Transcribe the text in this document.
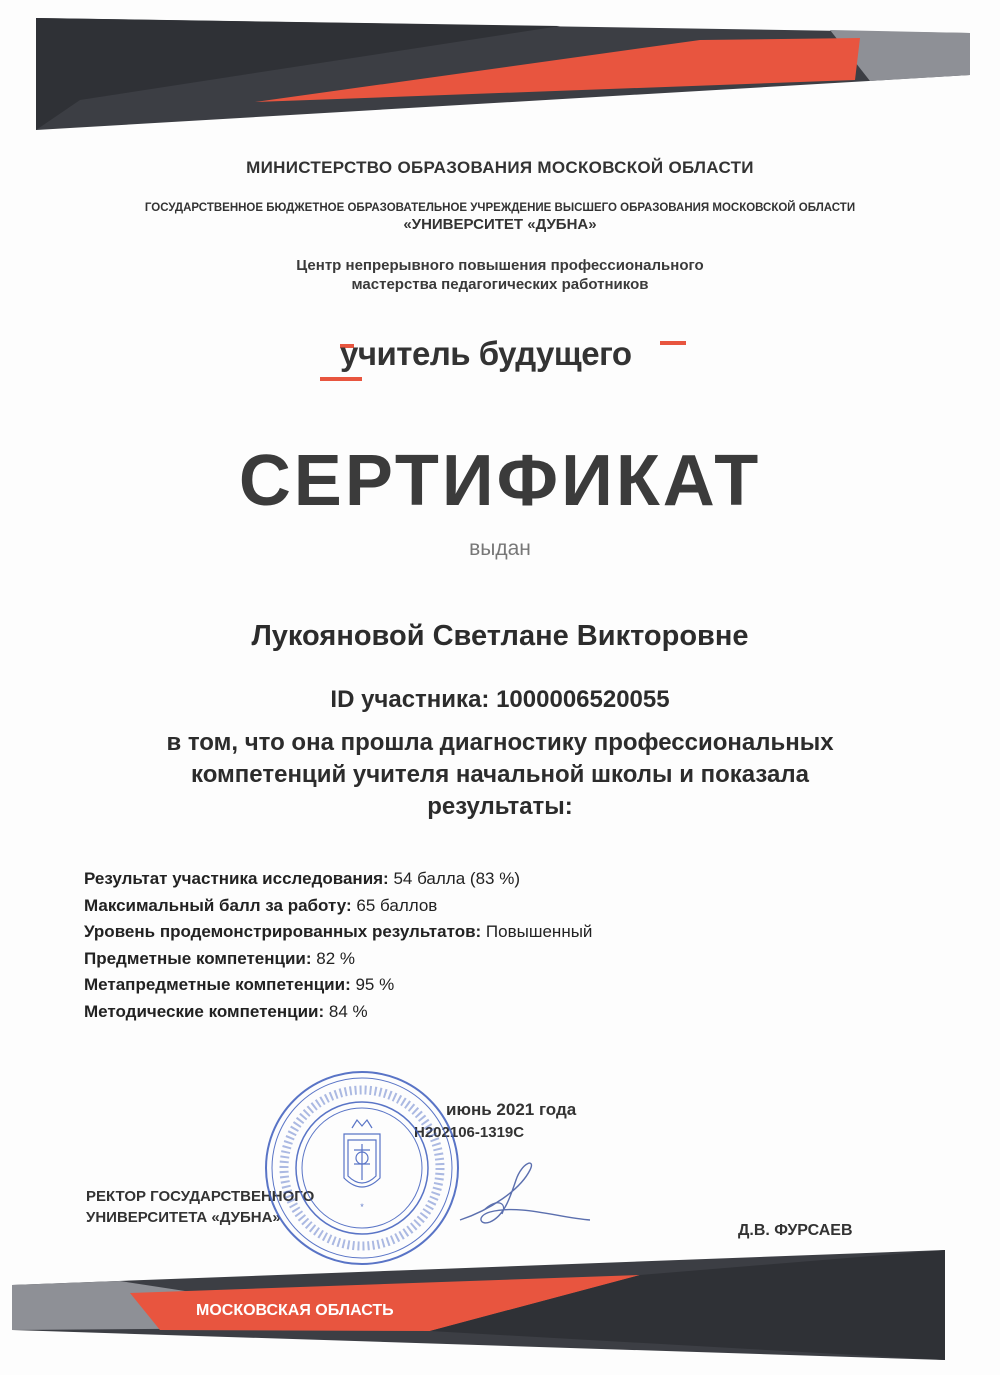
МИНИСТЕРСТВО ОБРАЗОВАНИЯ МОСКОВСКОЙ ОБЛАСТИ
ГОСУДАРСТВЕННОЕ БЮДЖЕТНОЕ ОБРАЗОВАТЕЛЬНОЕ УЧРЕЖДЕНИЕ ВЫСШЕГО ОБРАЗОВАНИЯ МОСКОВСКОЙ ОБЛАСТИ
«УНИВЕРСИТЕТ «ДУБНА»
Центр непрерывного повышения профессионального
мастерства педагогических работников
учитель будущего
СЕРТИФИКАТ
выдан
Лукояновой Светлане Викторовне
ID участника: 1000006520055
в том, что она прошла диагностику профессиональных
компетенций учителя начальной школы и показала
результаты:
Результат участника исследования: 54 балла (83 %)
Максимальный балл за работу: 65 баллов
Уровень продемонстрированных результатов: Повышенный
Предметные компетенции: 82 %
Метапредметные компетенции: 95 %
Методические компетенции: 84 %
июнь 2021 года
Н202106-1319С
РЕКТОР ГОСУДАРСТВЕННОГО
УНИВЕРСИТЕТА «ДУБНА»
*
Д.В. ФУРСАЕВ
МОСКОВСКАЯ ОБЛАСТЬ
